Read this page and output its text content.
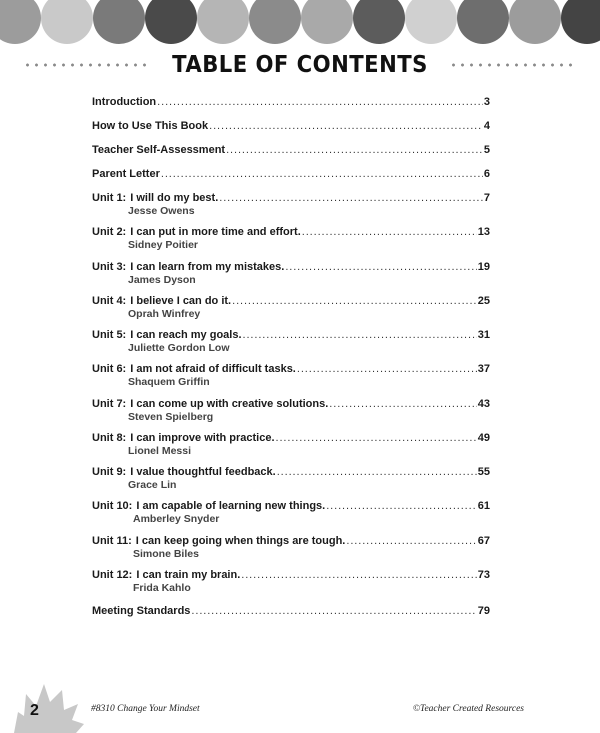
TABLE OF CONTENTS
Introduction .....	3
How to Use This Book .....	4
Teacher Self-Assessment .....	5
Parent Letter .....	6
Unit 1: I will do my best. .....	7
Jesse Owens
Unit 2: I can put in more time and effort. .....	13
Sidney Poitier
Unit 3: I can learn from my mistakes. .....	19
James Dyson
Unit 4: I believe I can do it. .....	25
Oprah Winfrey
Unit 5: I can reach my goals. .....	31
Juliette Gordon Low
Unit 6: I am not afraid of difficult tasks. .....	37
Shaquem Griffin
Unit 7: I can come up with creative solutions. .....	43
Steven Spielberg
Unit 8: I can improve with practice. .....	49
Lionel Messi
Unit 9: I value thoughtful feedback. .....	55
Grace Lin
Unit 10: I am capable of learning new things. .....	61
Amberley Snyder
Unit 11: I can keep going when things are tough. .....	67
Simone Biles
Unit 12: I can train my brain. .....	73
Frida Kahlo
Meeting Standards .....	79
2	#8310 Change Your Mindset	©Teacher Created Resources
